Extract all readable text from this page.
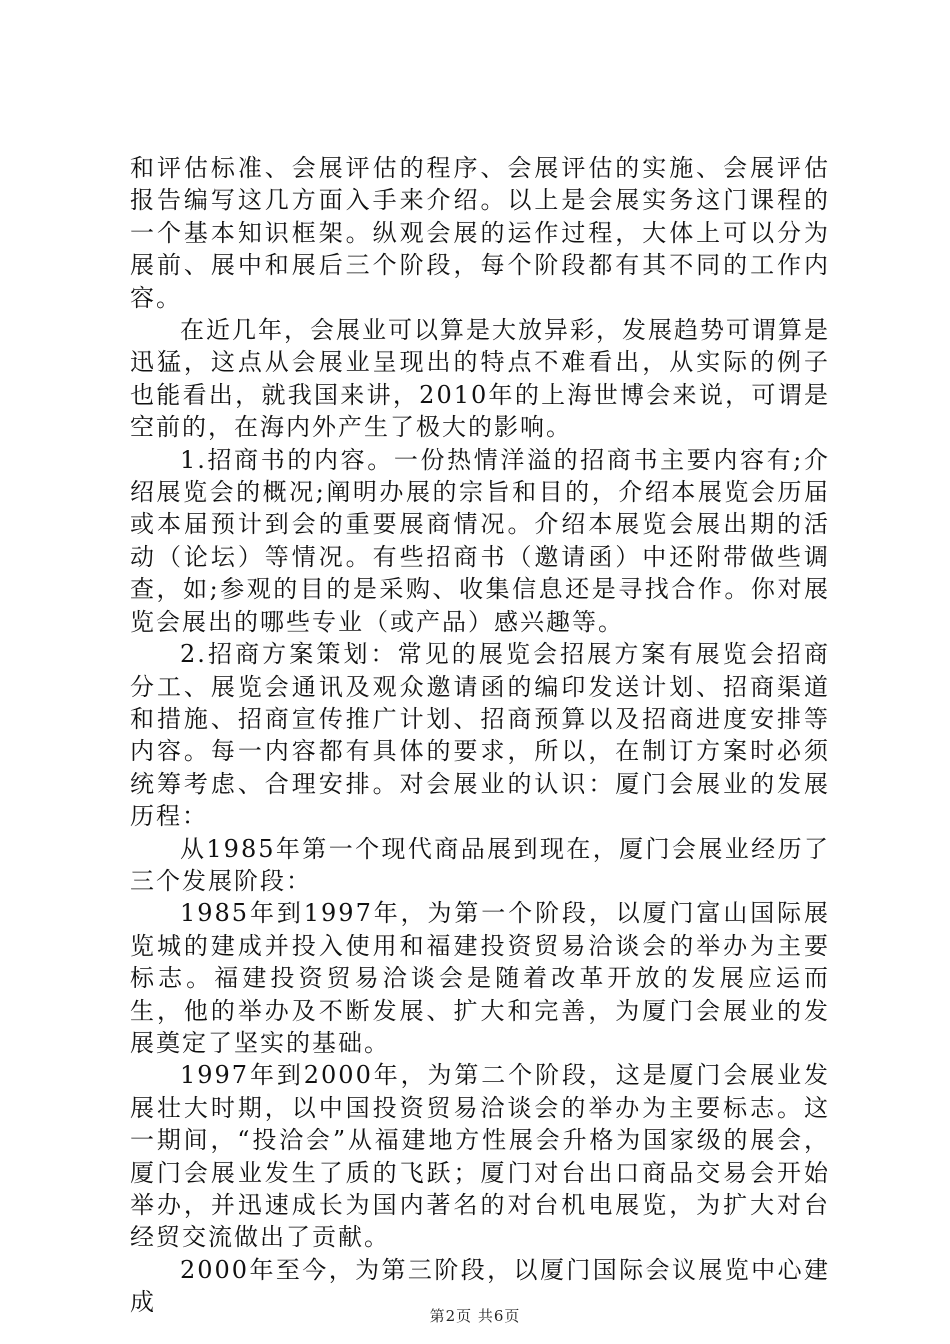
和评估标准、会展评估的程序、会展评估的实施、会展评估报告编写这几方面入手来介绍。以上是会展实务这门课程的一个基本知识框架。纵观会展的运作过程，大体上可以分为展前、展中和展后三个阶段，每个阶段都有其不同的工作内容。

在近几年，会展业可以算是大放异彩，发展趋势可谓算是迅猛，这点从会展业呈现出的特点不难看出，从实际的例子也能看出，就我国来讲，2010年的上海世博会来说，可谓是空前的，在海内外产生了极大的影响。

1.招商书的内容。一份热情洋溢的招商书主要内容有;介绍展览会的概况;阐明办展的宗旨和目的，介绍本展览会历届或本届预计到会的重要展商情况。介绍本展览会展出期的活动（论坛）等情况。有些招商书（邀请函）中还附带做些调查，如;参观的目的是采购、收集信息还是寻找合作。你对展览会展出的哪些专业（或产品）感兴趣等。

2.招商方案策划：常见的展览会招展方案有展览会招商分工、展览会通讯及观众邀请函的编印发送计划、招商渠道和措施、招商宣传推广计划、招商预算以及招商进度安排等内容。每一内容都有具体的要求，所以，在制订方案时必须统筹考虑、合理安排。对会展业的认识：厦门会展业的发展历程：

从1985年第一个现代商品展到现在，厦门会展业经历了三个发展阶段：

1985年到1997年，为第一个阶段，以厦门富山国际展览城的建成并投入使用和福建投资贸易洽谈会的举办为主要标志。福建投资贸易洽谈会是随着改革开放的发展应运而生，他的举办及不断发展、扩大和完善，为厦门会展业的发展奠定了坚实的基础。

1997年到2000年，为第二个阶段，这是厦门会展业发展壮大时期，以中国投资贸易洽谈会的举办为主要标志。这一期间，“投洽会”从福建地方性展会升格为国家级的展会，厦门会展业发生了质的飞跃；厦门对台出口商品交易会开始举办，并迅速成长为国内著名的对台机电展览，为扩大对台经贸交流做出了贡献。

2000年至今，为第三阶段，以厦门国际会议展览中心建成	第2页 共6页
